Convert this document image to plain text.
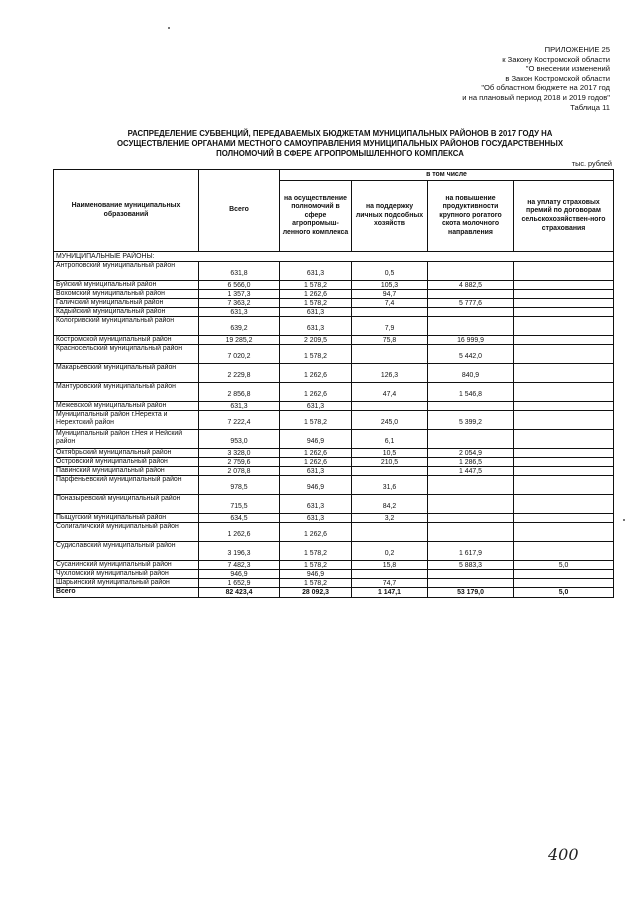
ПРИЛОЖЕНИЕ 25
к Закону Костромской области
"О внесении изменений
в Закон Костромской области
"Об областном бюджете на 2017 год
и на плановый период 2018 и 2019 годов"
Таблица 11
РАСПРЕДЕЛЕНИЕ СУБВЕНЦИЙ, ПЕРЕДАВАЕМЫХ БЮДЖЕТАМ МУНИЦИПАЛЬНЫХ РАЙОНОВ В 2017 ГОДУ НА
ОСУЩЕСТВЛЕНИЕ ОРГАНАМИ МЕСТНОГО САМОУПРАВЛЕНИЯ МУНИЦИПАЛЬНЫХ РАЙОНОВ ГОСУДАРСТВЕННЫХ
ПОЛНОМОЧИЙ В СФЕРЕ АГРОПРОМЫШЛЕННОГО КОМПЛЕКСА
тыс. рублей
Наименование муниципальных образований	Всего	в том числе			
		на осуществление полномочий в сфере агропромыш-ленного комплекса	на поддержку личных подсобных хозяйств	на повышение продуктивности крупного рогатого скота молочного направления	на уплату страховых премий по договорам сельскохозяйствен-ного страхования
МУНИЦИПАЛЬНЫЕ РАЙОНЫ:					
Антроповский муниципальный район	631,8	631,3	0,5		
Буйский муниципальный район	6 566,0	1 578,2	105,3	4 882,5	
Вохомский муниципальный район	1 357,3	1 262,6	94,7		
Галичский муниципальный район	7 363,2	1 578,2	7,4	5 777,6	
Кадыйский муниципальный район	631,3	631,3			
Кологривский муниципальный район	639,2	631,3	7,9		
Костромской муниципальный район	19 285,2	2 209,5	75,8	16 999,9	
Красносельский муниципальный район	7 020,2	1 578,2		5 442,0	
Макарьевский муниципальный район	2 229,8	1 262,6	126,3	840,9	
Мантуровский муниципальный район	2 856,8	1 262,6	47,4	1 546,8	
Межевской муниципальный район	631,3	631,3			
Муниципальный район г.Нерехта и Нерехтский район	7 222,4	1 578,2	245,0	5 399,2	
Муниципальный район г.Нея и Нейский район	953,0	946,9	6,1		
Октябрьский муниципальный район	3 328,0	1 262,6	10,5	2 054,9	
Островский муниципальный район	2 759,6	1 262,6	210,5	1 286,5	
Павинский муниципальный район	2 078,8	631,3		1 447,5	
Парфеньевский муниципальный район	978,5	946,9	31,6		
Поназыревский муниципальный район	715,5	631,3	84,2		
Пыщугский муниципальный район	634,5	631,3	3,2		
Солигаличский муниципальный район	1 262,6	1 262,6			
Судиславский муниципальный район	3 196,3	1 578,2	0,2	1 617,9	
Сусанинский муниципальный район	7 482,3	1 578,2	15,8	5 883,3	5,0
Чухломский муниципальный район	946,9	946,9			
Шарьинский муниципальный район	1 652,9	1 578,2	74,7		
Всего	82 423,4	28 092,3	1 147,1	53 179,0	5,0
400
